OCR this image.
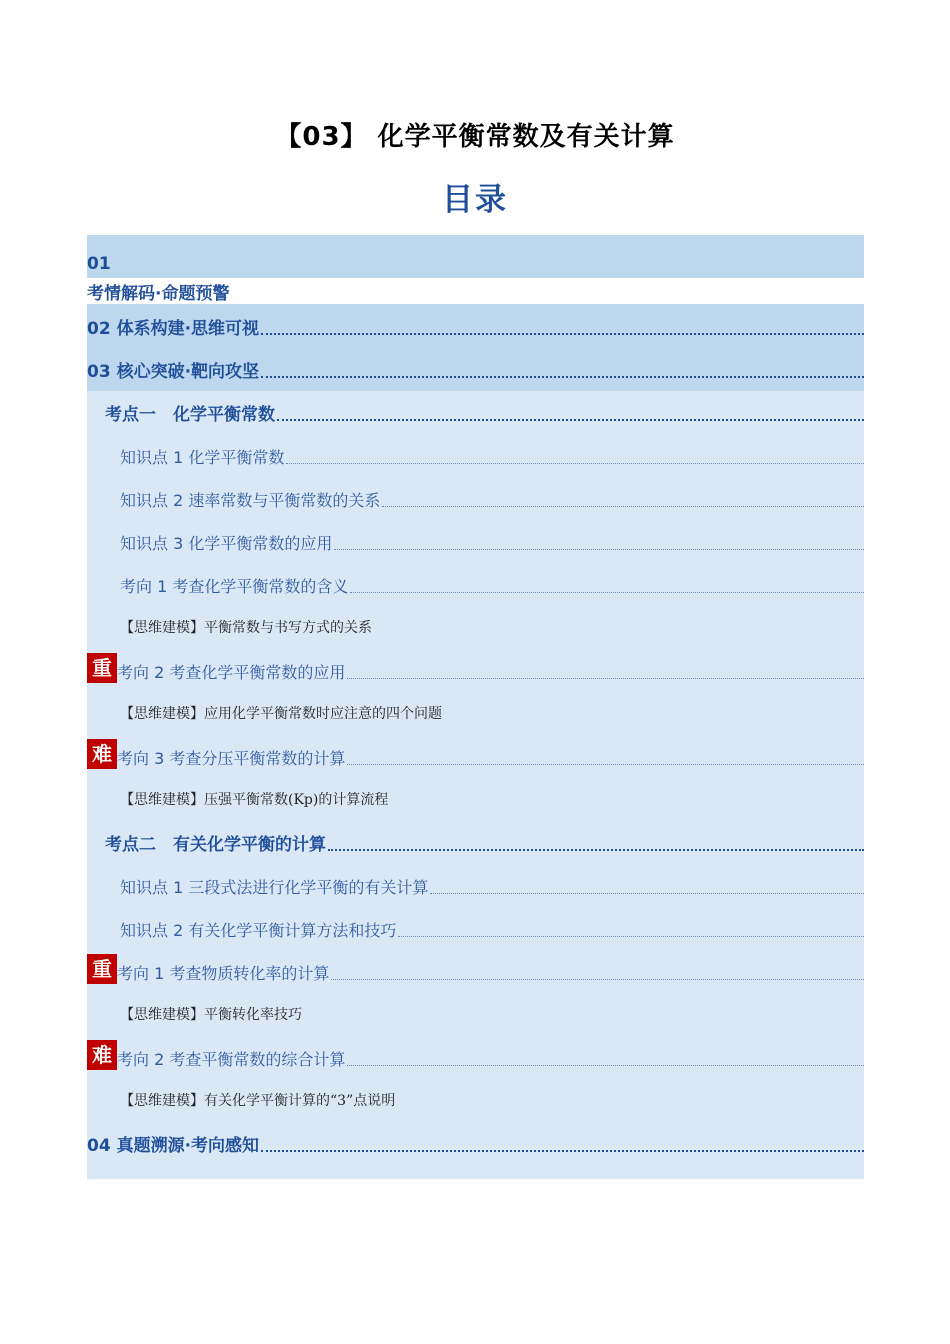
【03】 化学平衡常数及有关计算
目录
01
考情解码·命题预警
02 体系构建·思维可视
03 核心突破·靶向攻坚
考点一　化学平衡常数
知识点 1 化学平衡常数
知识点 2 速率常数与平衡常数的关系
知识点 3 化学平衡常数的应用
考向 1 考查化学平衡常数的含义
【思维建模】平衡常数与书写方式的关系
重 考向 2 考查化学平衡常数的应用
【思维建模】应用化学平衡常数时应注意的四个问题
难 考向 3 考查分压平衡常数的计算
【思维建模】压强平衡常数(Kp)的计算流程
考点二　有关化学平衡的计算
知识点 1 三段式法进行化学平衡的有关计算
知识点 2 有关化学平衡计算方法和技巧
重 考向 1 考查物质转化率的计算
【思维建模】平衡转化率技巧
难 考向 2 考查平衡常数的综合计算
【思维建模】有关化学平衡计算的“3”点说明
04 真题溯源·考向感知
